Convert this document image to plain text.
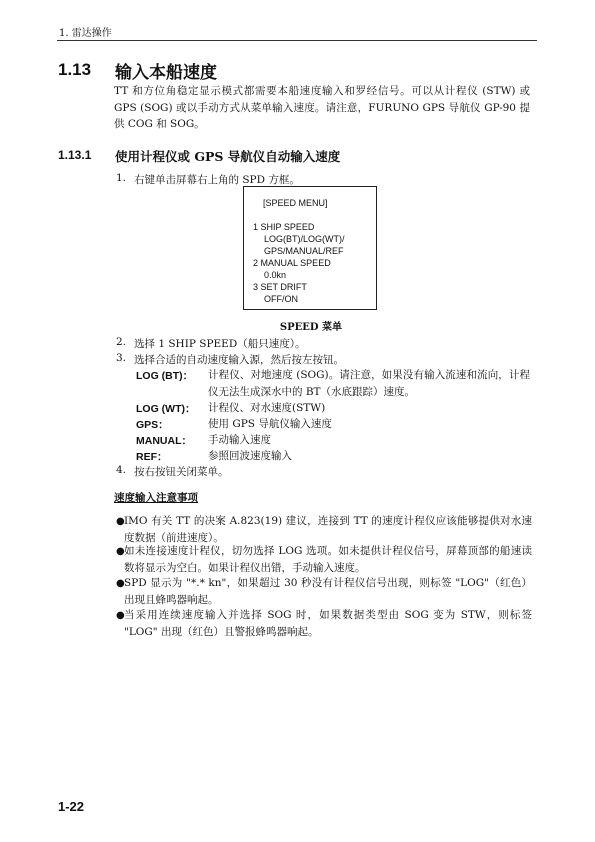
1. 雷达操作
1.13 输入本船速度
TT 和方位角稳定显示模式都需要本船速度输入和罗经信号。可以从计程仪 (STW) 或 GPS (SOG) 或以手动方式从菜单输入速度。请注意，FURUNO GPS 导航仪 GP-90 提供 COG 和 SOG。
1.13.1 使用计程仪或 GPS 导航仪自动输入速度
1. 右键单击屏幕右上角的 SPD 方框。
[SPEED MENU]
1 SHIP SPEED
LOG(BT)/LOG(WT)/
GPS/MANUAL/REF
2 MANUAL SPEED
0.0kn
3 SET DRIFT
OFF/ON
SPEED 菜单
2. 选择 1 SHIP SPEED（船只速度）。
3. 选择合适的自动速度输入源，然后按左按钮。
LOG (BT)： 计程仪、对地速度 (SOG)。请注意，如果没有输入流速和流向，计程仪无法生成深水中的 BT（水底跟踪）速度。
LOG (WT)： 计程仪、对水速度(STW)
GPS：	使用 GPS 导航仪输入速度
MANUAL： 手动输入速度
REF：	参照回波速度输入
4. 按右按钮关闭菜单。
速度输入注意事项
● IMO 有关 TT 的决案 A.823(19) 建议，连接到 TT 的速度计程仪应该能够提供对水速度数据（前进速度）。
● 如未连接速度计程仪，切勿选择 LOG 选项。如未提供计程仪信号，屏幕顶部的船速读数将显示为空白。如果计程仪出错，手动输入速度。
● SPD 显示为 "*.* kn"，如果超过 30 秒没有计程仪信号出现，则标签 "LOG"（红色）出现且蜂鸣器响起。
● 当采用连续速度输入并选择 SOG 时，如果数据类型由 SOG 变为 STW，则标签 "LOG" 出现（红色）且警报蜂鸣器响起。
1-22
